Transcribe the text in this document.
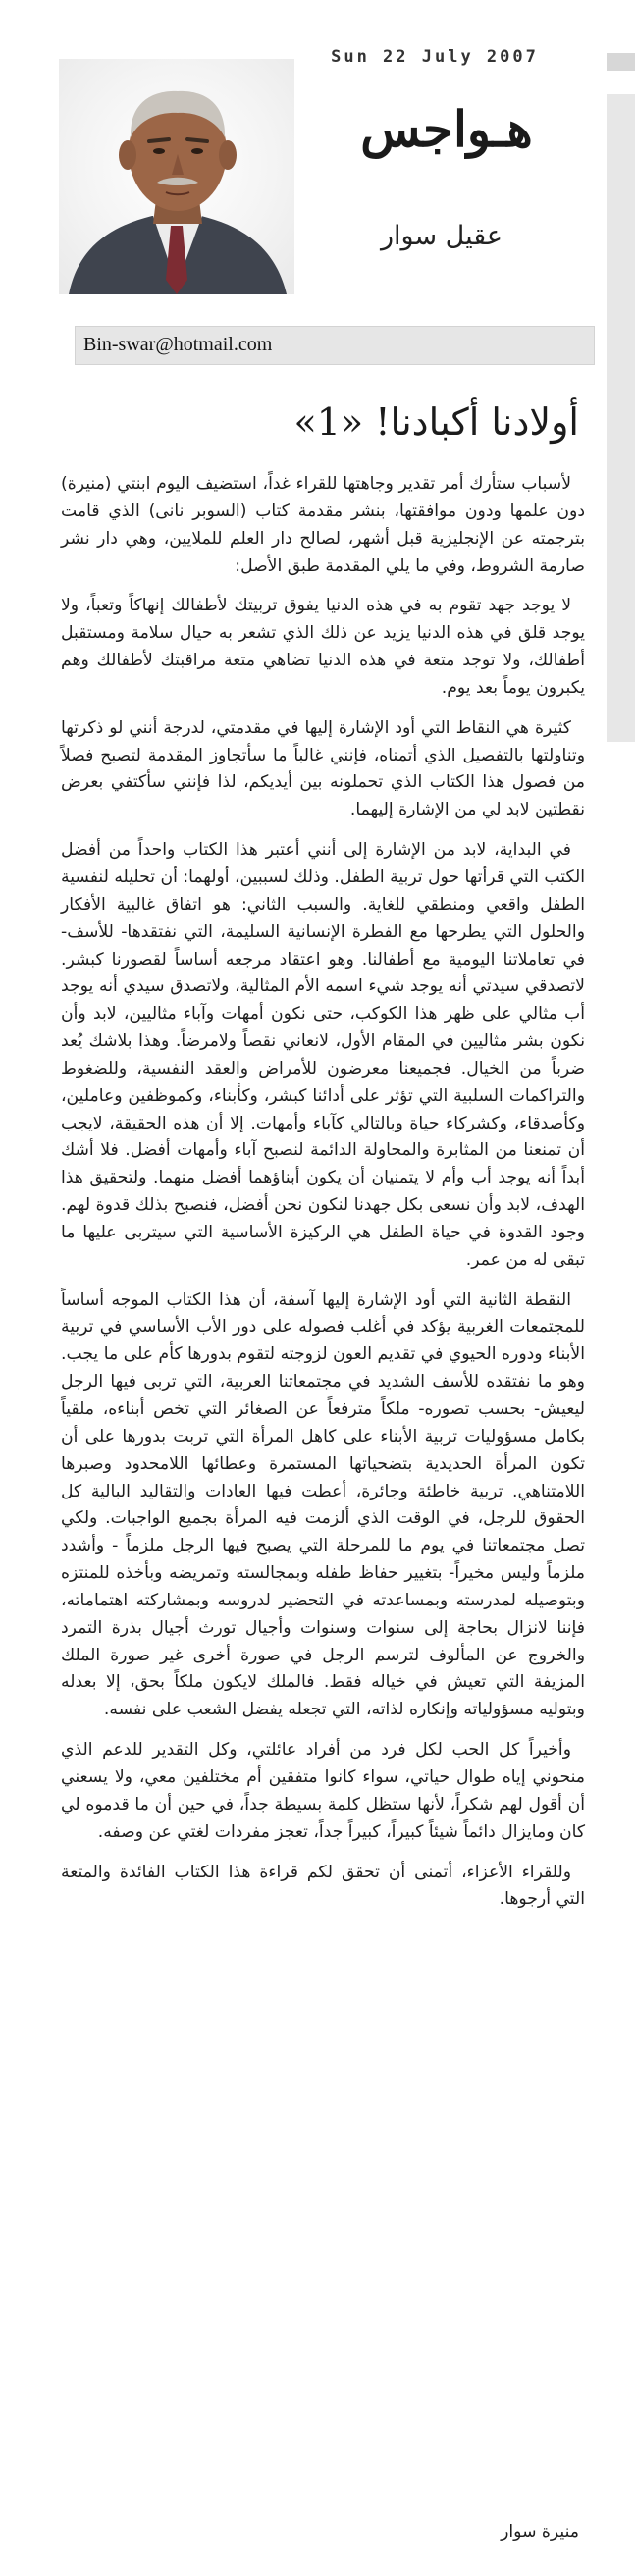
Sun 22 July 2007
هـواجس
عقيل سوار
Bin-swar@hotmail.com
أولادنا أكبادنا! «1»

لأسباب ستأرك أمر تقدير وجاهتها للقراء غداً، استضيف اليوم ابنتي (منيرة) دون علمها ودون موافقتها، بنشر مقدمة كتاب (السوبر نانى) الذي قامت بترجمته عن الإنجليزية قبل أشهر، لصالح دار العلم للملايين، وهي دار نشر صارمة الشروط، وفي ما يلي المقدمة طبق الأصل:

لا يوجد جهد تقوم به في هذه الدنيا يفوق تربيتك لأطفالك إنهاكاً وتعباً، ولا يوجد قلق في هذه الدنيا يزيد عن ذلك الذي تشعر به حيال سلامة ومستقبل أطفالك، ولا توجد متعة في هذه الدنيا تضاهي متعة مراقبتك لأطفالك وهم يكبرون يوماً بعد يوم.

كثيرة هي النقاط التي أود الإشارة إليها في مقدمتي، لدرجة أنني لو ذكرتها وتناولتها بالتفصيل الذي أتمناه، فإنني غالباً ما سأتجاوز المقدمة لتصبح فصلاً من فصول هذا الكتاب الذي تحملونه بين أيديكم، لذا فإنني سأكتفي بعرض نقطتين لابد لي من الإشارة إليهما.

في البداية، لابد من الإشارة إلى أنني أعتبر هذا الكتاب واحداً من أفضل الكتب التي قرأتها حول تربية الطفل. وذلك لسببين، أولهما: أن تحليله لنفسية الطفل واقعي ومنطقي للغاية. والسبب الثاني: هو اتفاق غالبية الأفكار والحلول التي يطرحها مع الفطرة الإنسانية السليمة، التي نفتقدها- للأسف- في تعاملاتنا اليومية مع أطفالنا. وهو اعتقاد مرجعه أساساً لقصورنا كبشر. لاتصدقي سيدتي أنه يوجد شيء اسمه الأم المثالية، ولاتصدق سيدي أنه يوجد أب مثالي على ظهر هذا الكوكب، حتى نكون أمهات وآباء مثاليين، لابد وأن نكون بشر مثاليين في المقام الأول، لانعاني نقصاً ولامرضاً. وهذا بلاشك يُعد ضرباً من الخيال. فجميعنا معرضون للأمراض والعقد النفسية، وللضغوط والتراكمات السلبية التي تؤثر على أدائنا كبشر، وكأبناء، وكموظفين وعاملين، وكأصدقاء، وكشركاء حياة وبالتالي كآباء وأمهات. إلا أن هذه الحقيقة، لايجب أن تمنعنا من المثابرة والمحاولة الدائمة لنصبح آباء وأمهات أفضل. فلا أشك أبداً أنه يوجد أب وأم لا يتمنيان أن يكون أبناؤهما أفضل منهما. ولتحقيق هذا الهدف، لابد وأن نسعى بكل جهدنا لنكون نحن أفضل، فنصبح بذلك قدوة لهم. وجود القدوة في حياة الطفل هي الركيزة الأساسية التي سيتربى عليها ما تبقى له من عمر.

النقطة الثانية التي أود الإشارة إليها آسفة، أن هذا الكتاب الموجه أساساً للمجتمعات الغربية يؤكد في أغلب فصوله على دور الأب الأساسي في تربية الأبناء ودوره الحيوي في تقديم العون لزوجته لتقوم بدورها كأم على ما يجب. وهو ما نفتقده للأسف الشديد في مجتمعاتنا العربية، التي تربى فيها الرجل ليعيش- بحسب تصوره- ملكاً مترفعاً عن الصغائر التي تخص أبناءه، ملقياً بكامل مسؤوليات تربية الأبناء على كاهل المرأة التي تربت بدورها على أن تكون المرأة الحديدية بتضحياتها المستمرة وعطائها اللامحدود وصبرها اللامتناهي. تربية خاطئة وجائرة، أعطت فيها العادات والتقاليد البالية كل الحقوق للرجل، في الوقت الذي ألزمت فيه المرأة بجميع الواجبات. ولكي تصل مجتمعاتنا في يوم ما للمرحلة التي يصبح فيها الرجل ملزماً - وأشدد ملزماً وليس مخيراً- بتغيير حفاظ طفله وبمجالسته وتمريضه وبأخذه للمنتزه وبتوصيله لمدرسته وبمساعدته في التحضير لدروسه وبمشاركته اهتماماته، فإننا لانزال بحاجة إلى سنوات وسنوات وأجيال تورث أجيال بذرة التمرد والخروج عن المألوف لترسم الرجل في صورة أخرى غير صورة الملك المزيفة التي تعيش في خياله فقط. فالملك لايكون ملكاً بحق، إلا بعدله وبتوليه مسؤولياته وإنكاره لذاته، التي تجعله يفضل الشعب على نفسه.

وأخيراً كل الحب لكل فرد من أفراد عائلتي، وكل التقدير للدعم الذي منحوني إياه طوال حياتي، سواء كانوا متفقين أم مختلفين معي، ولا يسعني أن أقول لهم شكراً، لأنها ستظل كلمة بسيطة جداً، في حين أن ما قدموه لي كان ومايزال دائماً شيئاً كبيراً، كبيراً جداً، تعجز مفردات لغتي عن وصفه.

وللقراء الأعزاء، أتمنى أن تحقق لكم قراءة هذا الكتاب الفائدة والمتعة التي أرجوها.

منيرة سوار
